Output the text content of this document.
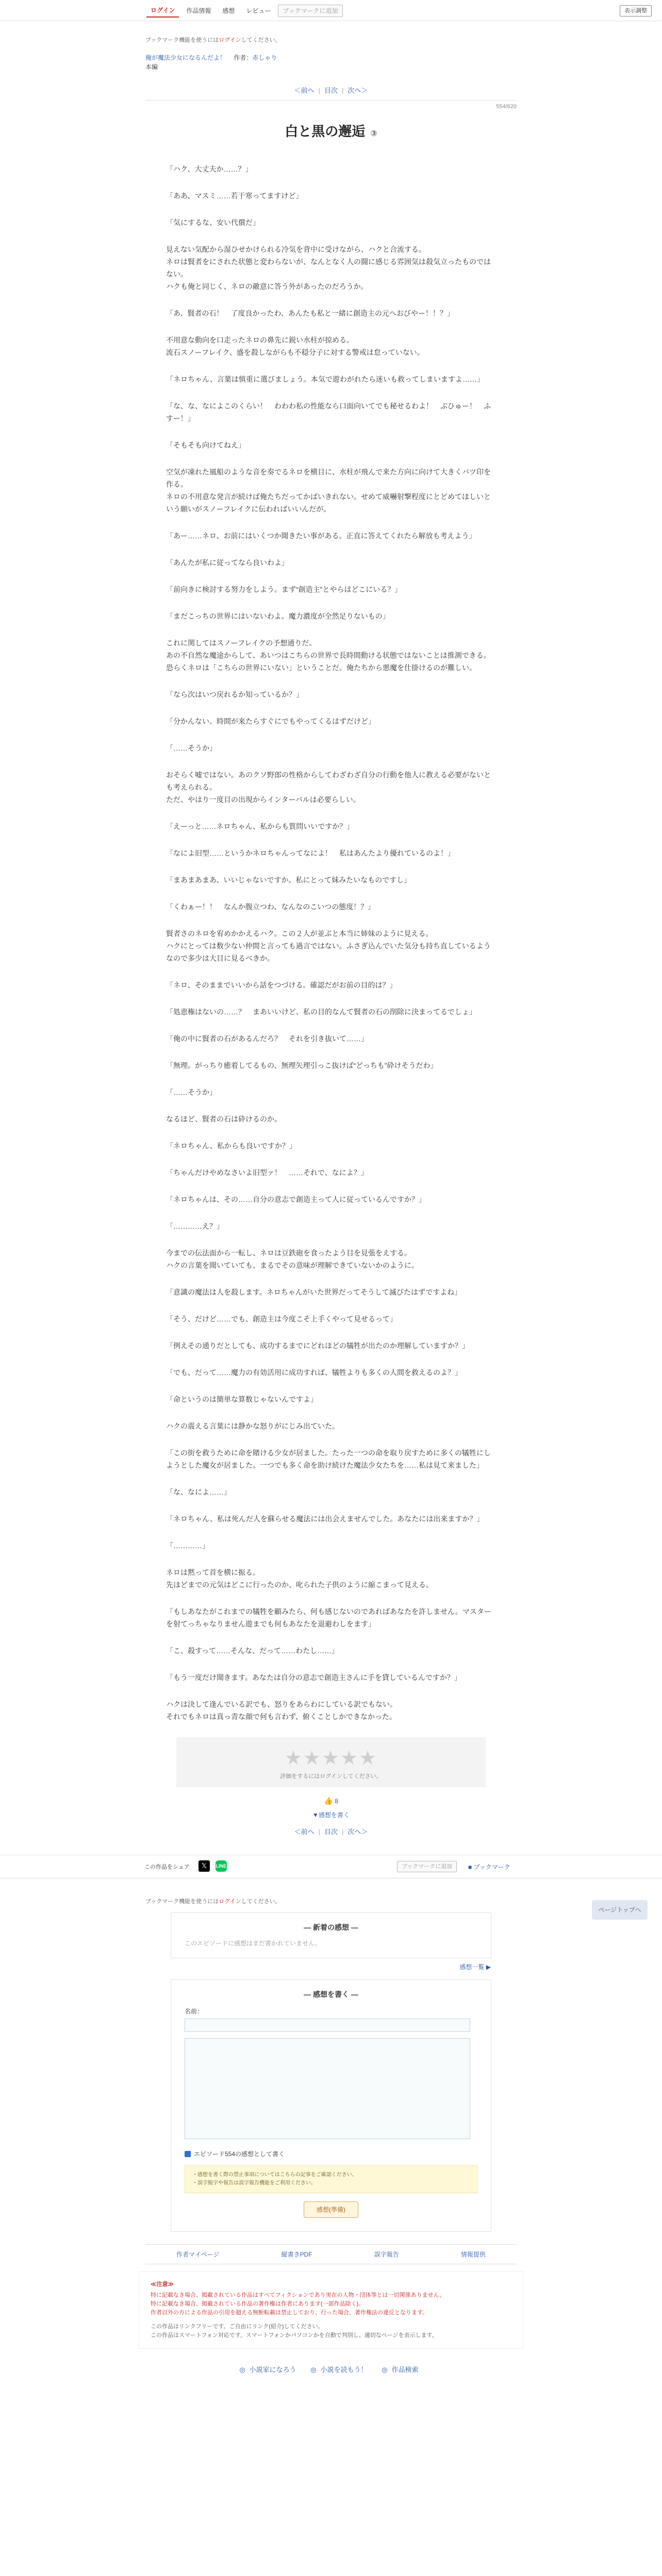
ログイン	作品情報	感想	レビュー	ブックマークに追加	表示調整
ブックマーク機能を使うにはログインしてください。
俺が魔法少女になるんだよ！ 　 作者：赤しゃり
本編
＜前へ | 目次 | 次へ＞
554/620
白と黒の邂逅 ③

「ハク、大丈夫か……？」

「ああ、マスミ……若干寒ってますけど」

「気にするな、安い代償だ」

見えない気配から湿ひせかけられる冷気を背中に受けながら、ハクと合流する。
ネロは賢者をにされた状態と変わらないが、なんとなく人の闘に感じる雰囲気は殺気立ったものではない。
ハクも俺と同じく、ネロの敵意に答う外があったのだろうか。

「あ、賢者の石！　了度良かったわ、あんたも私と一緒に創造主の元へおびやー！！？」

不用意な動向を口走ったネロの鼻先に鋭い水柱が掠める。
流石スノーフレイク、盛を殺しながらも不穏分子に対する警戒は怠っていない。

「ネロちゃん、言葉は慎重に選びましょう。本気で遊わがれたら迷いも救ってしまいますよ……」

「な、な、なによこのくらい！　わわわ私の性能なら口面向いてでも秘せるわよ！　ぶひゅー！　ふすー！」

「そもそも向けてねえ」

空気が凍れた風船のような音を奏でるネロを横目に、水柱が飛んで来た方向に向けて大きくバツ印を作る。
ネロの不用意な発言が続けば俺たちだってかばいきれない。せめて威嚇射撃程度にとどめてほしいという願いがスノーフレイクに伝わればいいんだが。

「あー……ネロ、お前にはいくつか聞きたい事がある。正直に答えてくれたら解放も考えよう」

「あんたが私に従ってなら良いわよ」

「前向きに検討する努力をしよう。まず“創造主”とやらはどこにいる？」

「まだこっちの世界にはいないわよ。魔力濃度が全然足りないもの」

これに関してはスノーフレイクの予想通りだ。
あの不自然な魔途からして、あいつはこちらの世界で長時間動ける状態ではないことは推測できる。
恐らくネロは「こちらの世界にいない」ということだ。俺たちから悪魔を仕掛けるのが難しい。

「なら次はいつ戻れるか知っているか？」

「分かんない。時間が来たらすぐにでもやってくるはずだけど」

「……そうか」

おそらく嘘ではない。あのクソ野郎の性格からしてわざわざ自分の行動を他人に教える必要がないとも考えられる。
ただ、やはり一度目の出現からインターバルは必要らしい。

「えーっと……ネロちゃん、私からも質問いいですか？」

「なによ旧型……というかネロちゃんってなによ！　私はあんたより優れているのよ！」

「まあまあまあ、いいじゃないですか。私にとって妹みたいなものですし」

「くわぁー！！　なんか腹立つわ、なんなのこいつの態度！？」

賢者さのネロを宥めかかえるハク。この２人が並ぶと本当に姉妹のように見える。
ハクにとっては数少ない仲間と言っても過言ではない。ふさぎ込んでいた気分も持ち直しているようなので多少は大目に見るべきか。

「ネロ、そのままでいいから話をつづける。確認だがお前の目的は？」

「処恵権はないの……？　まあいいけど、私の目的なんて賢者の石の削除に決まってるでしょ」

「俺の中に賢者の石があるんだろ？　それを引き抜いて……」

「無理。がっちり癒着してるもの、無理矢理引っこ抜けば“どっちも”砕けそうだわ」

「……そうか」

なるほど、賢者の石は砕けるのか。

「ネロちゃん、私からも良いですか？」

「ちゃんだけやめなさいよ旧型ァ！　……それで、なによ？」

「ネロちゃんは、その……自分の意志で創造主って人に従っているんですか？」

「…………え？」

今までの伝法面から一転し、ネロは豆鉄砲を食ったよう目を見張をえする。
ハクの言葉を聞いていても、まるでその意味が理解できていないかのように。

「意識の魔法は人を殺します。ネロちゃんがいた世界だってそうして滅びたはずですよね」

「そう、だけど……でも、創造主は今度こそ上手くやって見せるって」

「例えその通りだとしても、成功するまでにどれほどの犠牲が出たのか理解していますか？」

「でも、だって……魔力の有効活用に成功すれば、犠牲よりも多くの人間を救えるのよ？」

「命というのは簡単な算数じゃないんですよ」

ハクの震える言葉には静かな怒りがにじみ出ていた。

「この街を救うために命を賭ける少女が居ました。たった一つの命を取り戻すために多くの犠牲にしようとした魔女が居ました。一つでも多く命を助け続けた魔法少女たちを……私は見て来ました」

「な、なによ……」

「ネロちゃん、私は死んだ人を蘇らせる魔法には出会えませんでした。あなたには出来ますか？」

「…………」

ネロは黙って首を横に振る。
先ほどまでの元気はどこに行ったのか、叱られた子供のように縮こまって見える。

「もしあなたがこれまでの犠牲を顧みたら、何も感じないのであればあなたを許しません。マスターを射てっちゃなりません遊までも何もあなたを退避わしをます」

「こ、殺すって……そんな、だって……わたし……」

「もう一度だけ聞きます。あなたは自分の意志で創造主さんに手を貸しているんですか？」

ハクは決して逢んでいる訳でも、怒りをあらわにしている訳でもない。
それでもネロは真っ青な顔で何も言わず、俯くことしかできなかった。

★★★★★
評価をするにはログインしてください。
👍 8
▼感想を書く
＜前へ | 目次 | 次へ＞
この作品をシェア	𝕏	LINE	ブックマークに追加	■ ブックマーク
ブックマーク機能を使うにはログインしてください。
— 新着の感想 —
このエピソードに感想はまだ書かれていません。
感想一覧 ▶
— 感想を書く —
名前：
エピソード554の感想として書く
・感想を書く際の禁止事項についてはこちらの記事をご確認ください。
・誤字脱字や報告は誤字報告機能をご利用ください。
感想(準備)
作者マイページ	縦書きPDF	誤字報告	情報提供
≪注意≫
特に記載なき場合、掲載されている作品はすべてフィクションであり実在の人物・団体等とは一切関係ありません。
特に記載なき場合、掲載されている作品の著作権は作者にあります(一部作品除く)。
作者以外の方による作品の引用を超える無断転載は禁止しており、行った場合、著作権法の違反となります。
この作品はリンクフリーです。ご自由にリンク(紹介)してください。
この作品はスマートフォン対応です。スマートフォンかパソコンかを自動で判別し、適切なページを表示します。
◎ 小説家になろう ◎ 小説を読もう！ ◎ 作品検索
ページトップへ
